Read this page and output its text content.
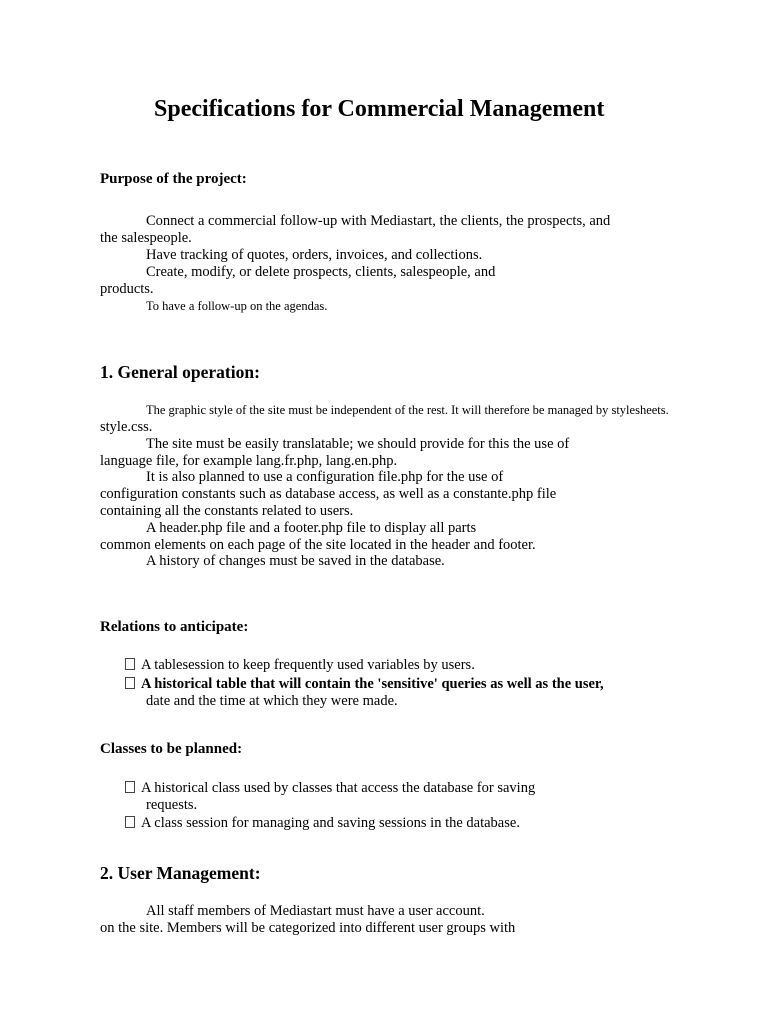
Specifications for Commercial Management
Purpose of the project:
Connect a commercial follow-up with Mediastart, the clients, the prospects, and
the salespeople.
Have tracking of quotes, orders, invoices, and collections.
Create, modify, or delete prospects, clients, salespeople, and
products.
To have a follow-up on the agendas.
1. General operation:
The graphic style of the site must be independent of the rest. It will therefore be managed by stylesheets.
style.css.
The site must be easily translatable; we should provide for this the use of
language file, for example lang.fr.php, lang.en.php.
It is also planned to use a configuration file.php for the use of
configuration constants such as database access, as well as a constante.php file
containing all the constants related to users.
A header.php file and a footer.php file to display all parts
common elements on each page of the site located in the header and footer.
A history of changes must be saved in the database.
Relations to anticipate:
A tablesession to keep frequently used variables by users.
A historical table that will contain the 'sensitive' queries as well as the user,
date and the time at which they were made.
Classes to be planned:
A historical class used by classes that access the database for saving
requests.
A class session for managing and saving sessions in the database.
2. User Management:
All staff members of Mediastart must have a user account.
on the site. Members will be categorized into different user groups with
